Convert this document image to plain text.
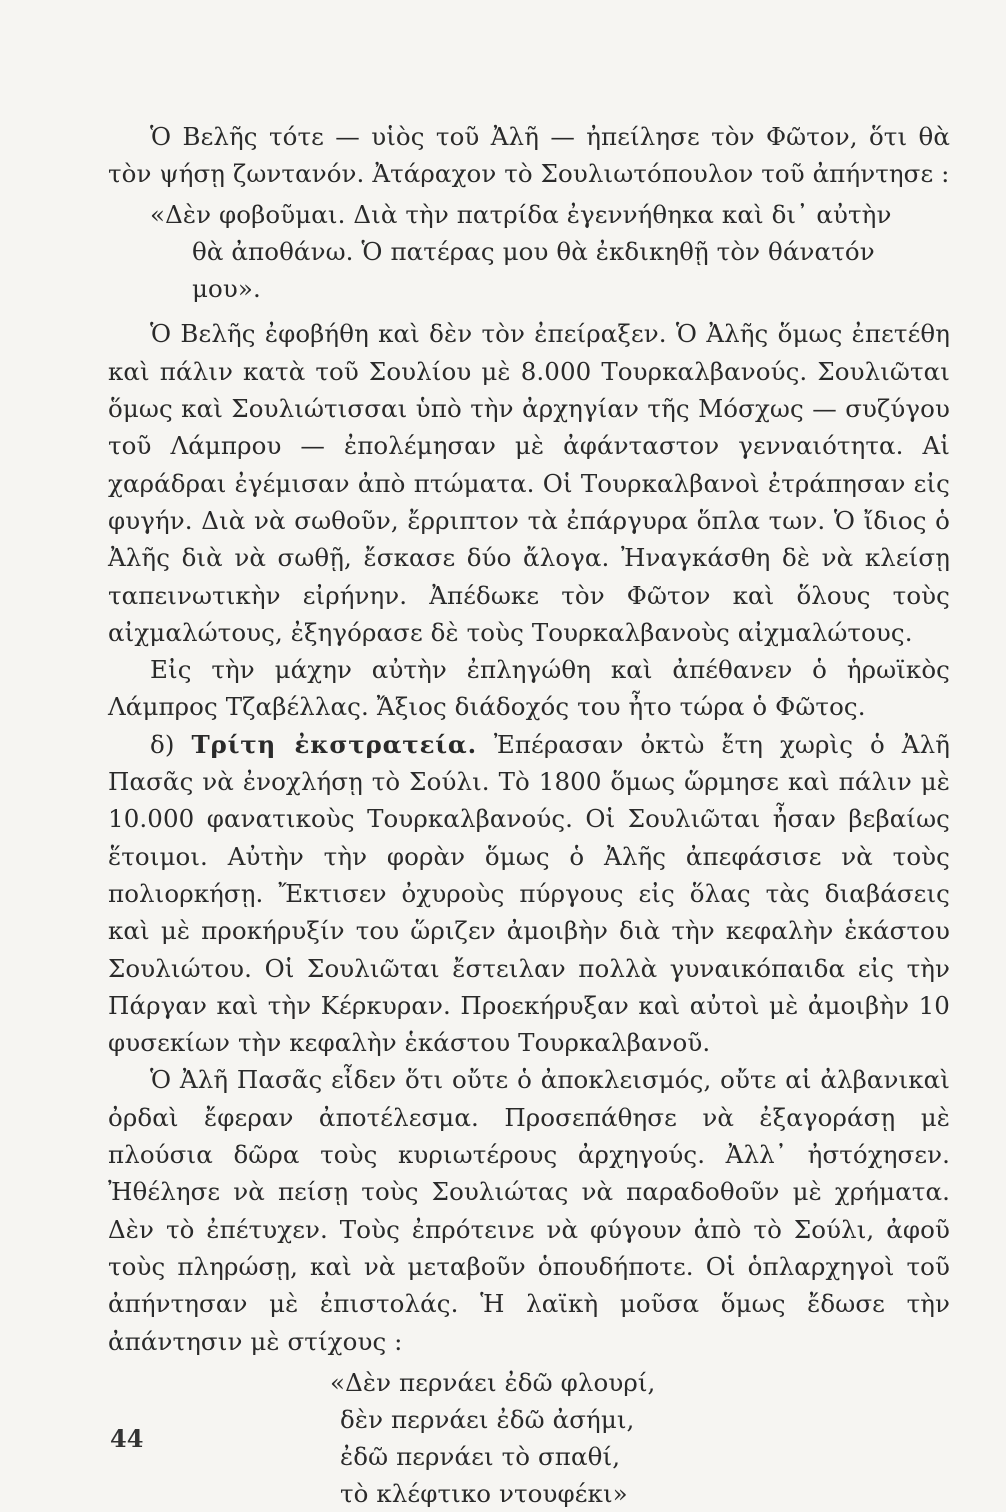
Ὁ Βελῆς τότε — υἱὸς τοῦ Ἀλῆ — ἠπείλησε τὸν Φῶτον, ὅτι θὰ τὸν ψήσῃ ζωντανόν. Ἀτάραχον τὸ Σουλιωτόπουλον τοῦ ἀπήντησε :

«Δὲν φοβοῦμαι. Διὰ τὴν πατρίδα ἐγεννήθηκα καὶ δι᾽ αὐτὴν
θὰ ἀποθάνω. Ὁ πατέρας μου θὰ ἐκδικηθῇ τὸν θάνατόν μου».

Ὁ Βελῆς ἐφοβήθη καὶ δὲν τὸν ἐπείραξεν. Ὁ Ἀλῆς ὅμως ἐπετέθη καὶ πάλιν κατὰ τοῦ Σουλίου μὲ 8.000 Τουρκαλβανούς. Σουλιῶται ὅμως καὶ Σουλιώτισσαι ὑπὸ τὴν ἀρχηγίαν τῆς Μόσχως — συζύγου τοῦ Λάμπρου — ἐπολέμησαν μὲ ἀφάνταστον γενναιότητα. Αἱ χαράδραι ἐγέμισαν ἀπὸ πτώματα. Οἱ Τουρκαλβανοὶ ἐτράπησαν εἰς φυγήν. Διὰ νὰ σωθοῦν, ἔρριπτον τὰ ἐπάργυρα ὅπλα των. Ὁ ἴδιος ὁ Ἀλῆς διὰ νὰ σωθῇ, ἔσκασε δύο ἄλογα. Ἠναγκάσθη δὲ νὰ κλείσῃ ταπεινωτικὴν εἰρήνην. Ἀπέδωκε τὸν Φῶτον καὶ ὅλους τοὺς αἰχμαλώτους, ἐξηγόρασε δὲ τοὺς Τουρκαλβανοὺς αἰχμαλώτους.

Εἰς τὴν μάχην αὐτὴν ἐπληγώθη καὶ ἀπέθανεν ὁ ἡρωϊκὸς Λάμπρος Τζαβέλλας. Ἄξιος διάδοχός του ἦτο τώρα ὁ Φῶτος.

δ) Τρίτη ἐκστρατεία. Ἐπέρασαν ὀκτὼ ἔτη χωρὶς ὁ Ἀλῆ Πασᾶς νὰ ἐνοχλήσῃ τὸ Σούλι. Τὸ 1800 ὅμως ὥρμησε καὶ πάλιν μὲ 10.000 φανατικοὺς Τουρκαλβανούς. Οἱ Σουλιῶται ἦσαν βεβαίως ἕτοιμοι. Αὐτὴν τὴν φορὰν ὅμως ὁ Ἀλῆς ἀπεφάσισε νὰ τοὺς πολιορκήσῃ. Ἔκτισεν ὀχυροὺς πύργους εἰς ὅλας τὰς διαβάσεις καὶ μὲ προκήρυξίν του ὥριζεν ἀμοιβὴν διὰ τὴν κεφαλὴν ἑκάστου Σουλιώτου. Οἱ Σουλιῶται ἔστειλαν πολλὰ γυναικόπαιδα εἰς τὴν Πάργαν καὶ τὴν Κέρκυραν. Προεκήρυξαν καὶ αὐτοὶ μὲ ἀμοιβὴν 10 φυσεκίων τὴν κεφαλὴν ἑκάστου Τουρκαλβανοῦ.

Ὁ Ἀλῆ Πασᾶς εἶδεν ὅτι οὔτε ὁ ἀποκλεισμός, οὔτε αἱ ἀλβανικαὶ ὀρδαὶ ἔφεραν ἀποτέλεσμα. Προσεπάθησε νὰ ἐξαγοράσῃ μὲ πλούσια δῶρα τοὺς κυριωτέρους ἀρχηγούς. Ἀλλ᾽ ἠστόχησεν. Ἠθέλησε νὰ πείσῃ τοὺς Σουλιώτας νὰ παραδοθοῦν μὲ χρήματα. Δὲν τὸ ἐπέτυχεν. Τοὺς ἐπρότεινε νὰ φύγουν ἀπὸ τὸ Σούλι, ἀφοῦ τοὺς πληρώσῃ, καὶ νὰ μεταβοῦν ὁπουδήποτε. Οἱ ὁπλαρχηγοὶ τοῦ ἀπήντησαν μὲ ἐπιστολάς. Ἡ λαϊκὴ μοῦσα ὅμως ἔδωσε τὴν ἀπάντησιν μὲ στίχους :

«Δὲν περνάει ἐδῶ φλουρί,
δὲν περνάει ἐδῶ ἀσήμι,
ἐδῶ περνάει τὸ σπαθί,
τὸ κλέφτικο ντουφέκι»
44
